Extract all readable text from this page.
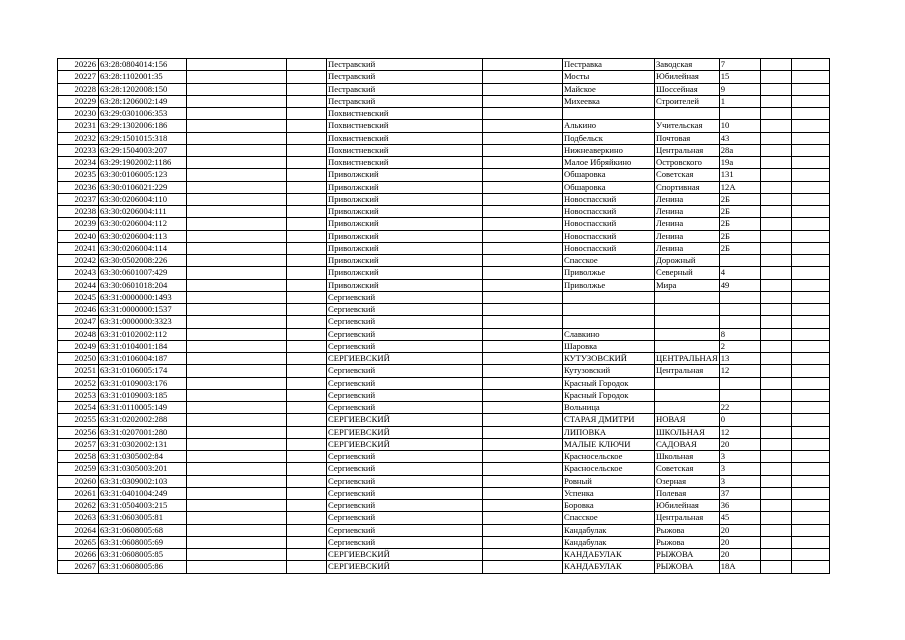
20226	63:28:0804014:156			Пестравский		Пестравка	Заводская	7		
20227	63:28:1102001:35			Пестравский		Мосты	Юбилейная	15		
20228	63:28:1202008:150			Пестравский		Майское	Шоссейная	9		
20229	63:28:1206002:149			Пестравский		Михеевка	Строителей	1		
20230	63:29:0301006:353			Похвистневский						
20231	63:29:1302006:186			Похвистневский		Алькино	Учительская	10		
20232	63:29:1501015:318			Похвистневский		Подбельск	Почтовая	43		
20233	63:29:1504003:207			Похвистневский		Нижнеаверкино	Центральная	28а		
20234	63:29:1902002:1186			Похвистневский		Малое Ибряйкино	Островского	19а		
20235	63:30:0106005:123			Приволжский		Обшаровка	Советская	131		
20236	63:30:0106021:229			Приволжский		Обшаровка	Спортивная	12А		
20237	63:30:0206004:110			Приволжский		Новоспасский	Ленина	2Б		
20238	63:30:0206004:111			Приволжский		Новоспасский	Ленина	2Б		
20239	63:30:0206004:112			Приволжский		Новоспасский	Ленина	2Б		
20240	63:30:0206004:113			Приволжский		Новоспасский	Ленина	2Б		
20241	63:30:0206004:114			Приволжский		Новоспасский	Ленина	2Б		
20242	63:30:0502008:226			Приволжский		Спасское	Дорожный			
20243	63:30:0601007:429			Приволжский		Приволжье	Северный	4		
20244	63:30:0601018:204			Приволжский		Приволжье	Мира	49		
20245	63:31:0000000:1493			Сергиевский						
20246	63:31:0000000:1537			Сергиевский						
20247	63:31:0000000:3323			Сергиевский						
20248	63:31:0102002:112			Сергиевский		Славкино		8		
20249	63:31:0104001:184			Сергиевский		Шаровка		2		
20250	63:31:0106004:187			СЕРГИЕВСКИЙ		КУТУЗОВСКИЙ	ЦЕНТРАЛЬНАЯ	13		
20251	63:31:0106005:174			Сергиевский		Кутузовский	Центральная	12		
20252	63:31:0109003:176			Сергиевский		Красный Городок				
20253	63:31:0109003:185			Сергиевский		Красный Городок				
20254	63:31:0110005:149			Сергиевский		Вольница		22		
20255	63:31:0202002:288			СЕРГИЕВСКИЙ		СТАРАЯ ДМИТРИ	НОВАЯ	0		
20256	63:31:0207001:280			СЕРГИЕВСКИЙ		ЛИПОВКА	ШКОЛЬНАЯ	12		
20257	63:31:0302002:131			СЕРГИЕВСКИЙ		МАЛЫЕ КЛЮЧИ	САДОВАЯ	20		
20258	63:31:0305002:84			Сергиевский		Красносельское	Школьная	3		
20259	63:31:0305003:201			Сергиевский		Красносельское	Советская	3		
20260	63:31:0309002:103			Сергиевский		Ровный	Озерная	3		
20261	63:31:0401004:249			Сергиевский		Успенка	Полевая	37		
20262	63:31:0504003:215			Сергиевский		Боровка	Юбилейная	36		
20263	63:31:0603005:81			Сергиевский		Спасское	Центральная	45		
20264	63:31:0608005:68			Сергиевский		Кандабулак	Рыжова	20		
20265	63:31:0608005:69			Сергиевский		Кандабулак	Рыжова	20		
20266	63:31:0608005:85			СЕРГИЕВСКИЙ		КАНДАБУЛАК	РЫЖОВА	20		
20267	63:31:0608005:86			СЕРГИЕВСКИЙ		КАНДАБУЛАК	РЫЖОВА	18А		
